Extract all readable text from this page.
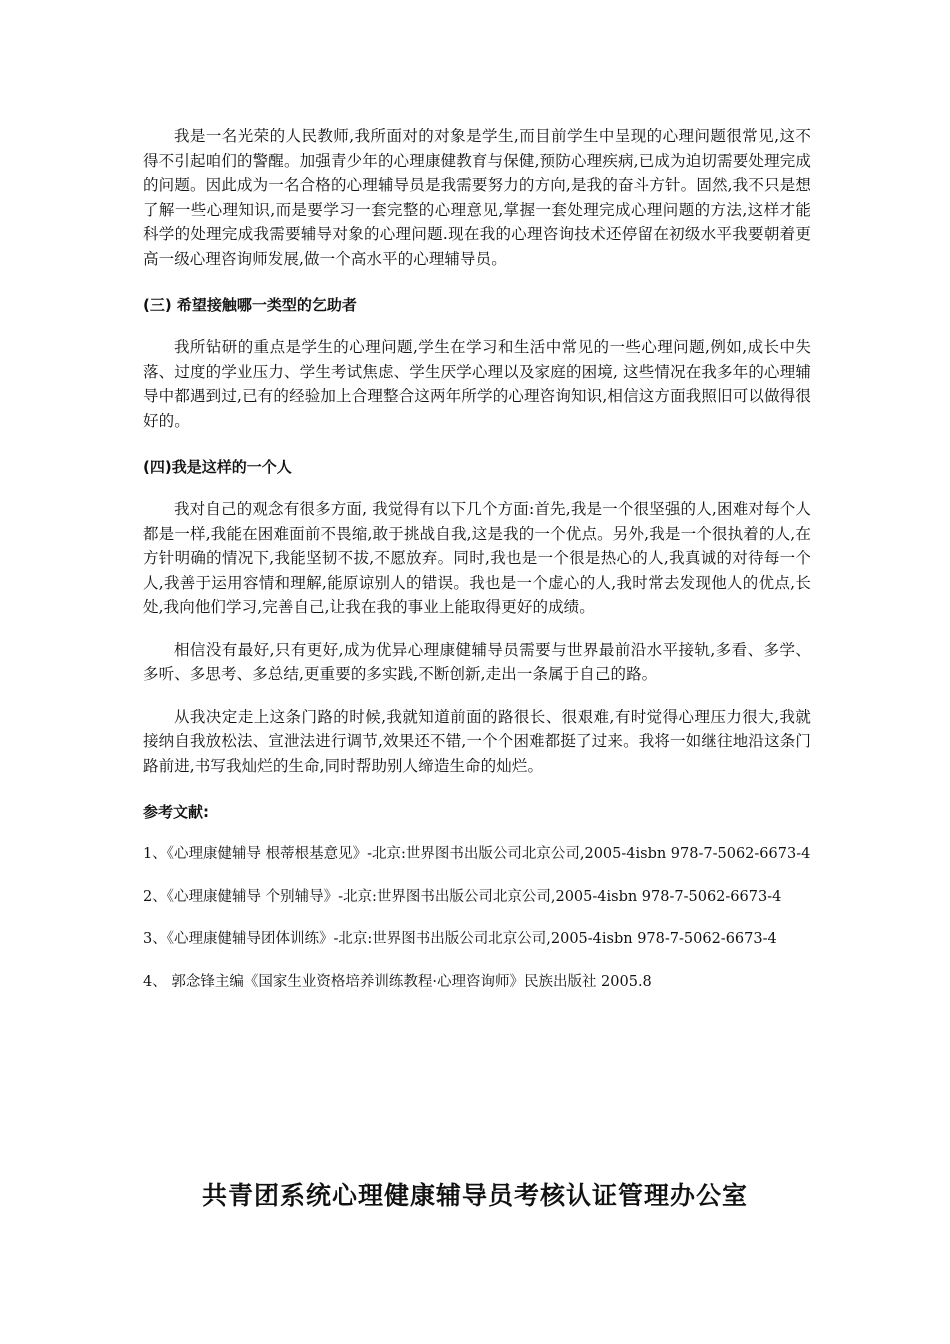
我是一名光荣的人民教师,我所面对的对象是学生,而目前学生中呈现的心理问题很常见,这不得不引起咱们的警醒。加强青少年的心理康健教育与保健,预防心理疾病,已成为迫切需要处理完成的问题。因此成为一名合格的心理辅导员是我需要努力的方向,是我的奋斗方针。固然,我不只是想了解一些心理知识,而是要学习一套完整的心理意见,掌握一套处理完成心理问题的方法,这样才能科学的处理完成我需要辅导对象的心理问题.现在我的心理咨询技术还停留在初级水平我要朝着更高一级心理咨询师发展,做一个高水平的心理辅导员。

(三) 希望接触哪一类型的乞助者

我所钻研的重点是学生的心理问题,学生在学习和生活中常见的一些心理问题,例如,成长中失落、过度的学业压力、学生考试焦虑、学生厌学心理以及家庭的困境, 这些情况在我多年的心理辅导中都遇到过,已有的经验加上合理整合这两年所学的心理咨询知识,相信这方面我照旧可以做得很好的。

(四)我是这样的一个人

我对自己的观念有很多方面, 我觉得有以下几个方面:首先,我是一个很坚强的人,困难对每个人都是一样,我能在困难面前不畏缩,敢于挑战自我,这是我的一个优点。另外,我是一个很执着的人,在方针明确的情况下,我能坚韧不拔,不愿放弃。同时,我也是一个很是热心的人,我真诚的对待每一个人,我善于运用容情和理解,能原谅别人的错误。我也是一个虚心的人,我时常去发现他人的优点,长处,我向他们学习,完善自己,让我在我的事业上能取得更好的成绩。

相信没有最好,只有更好,成为优异心理康健辅导员需要与世界最前沿水平接轨,多看、多学、多听、多思考、多总结,更重要的多实践,不断创新,走出一条属于自己的路。

从我决定走上这条门路的时候,我就知道前面的路很长、很艰难,有时觉得心理压力很大,我就接纳自我放松法、宣泄法进行调节,效果还不错,一个个困难都挺了过来。我将一如继往地沿这条门路前进,书写我灿烂的生命,同时帮助别人缔造生命的灿烂。

参考文献:

1、《心理康健辅导 根蒂根基意见》-北京:世界图书出版公司北京公司,2005-4isbn 978-7-5062-6673-4

2、《心理康健辅导 个别辅导》-北京:世界图书出版公司北京公司,2005-4isbn 978-7-5062-6673-4

3、《心理康健辅导团体训练》-北京:世界图书出版公司北京公司,2005-4isbn 978-7-5062-6673-4

4、 郭念锋主编《国家生业资格培养训练教程·心理咨询师》民族出版社 2005.8

共青团系统心理健康辅导员考核认证管理办公室
